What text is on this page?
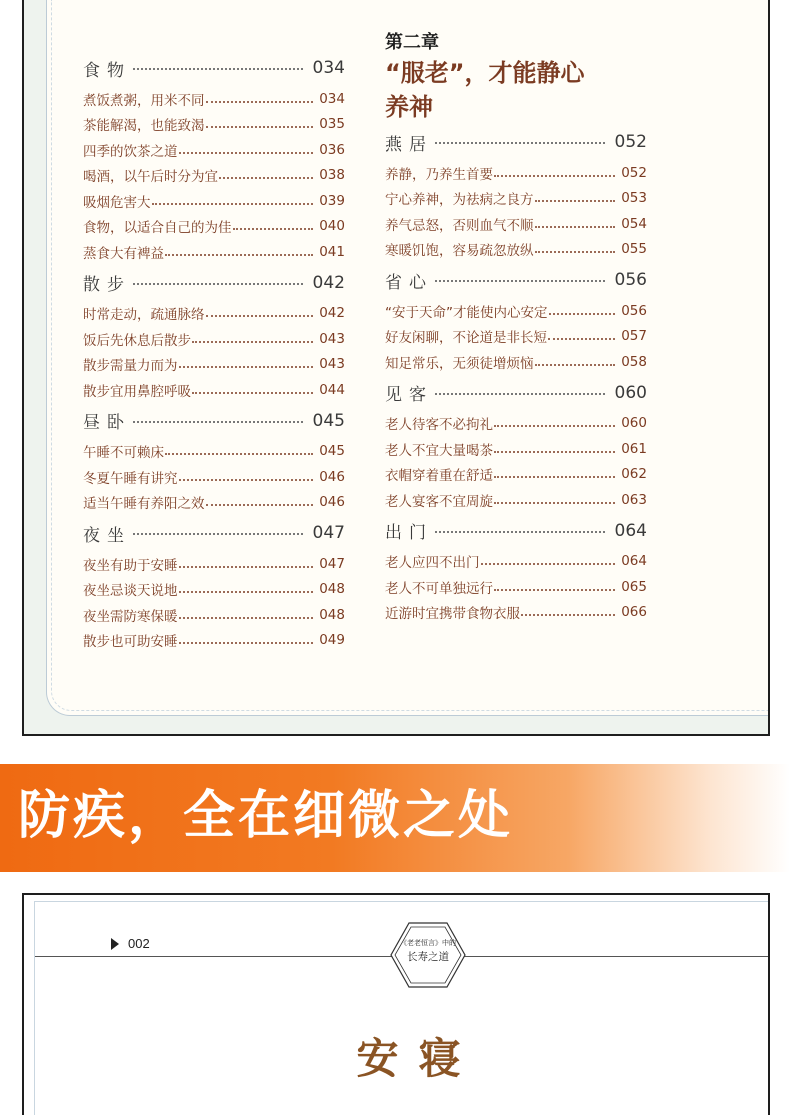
食物	034
煮饭煮粥，用米不同	034
茶能解渴，也能致渴	035
四季的饮茶之道	036
喝酒，以午后时分为宜	038
吸烟危害大	039
食物，以适合自己的为佳	040
蒸食大有裨益	041
散步	042
时常走动，疏通脉络	042
饭后先休息后散步	043
散步需量力而为	043
散步宜用鼻腔呼吸	044
昼卧	045
午睡不可赖床	045
冬夏午睡有讲究	046
适当午睡有养阳之效	046
夜坐	047
夜坐有助于安睡	047
夜坐忌谈天说地	048
夜坐需防寒保暖	048
散步也可助安睡	049
第二章
“服老”，才能静心
养神
燕居	052
养静，乃养生首要	052
宁心养神，为祛病之良方	053
养气忌怒，否则血气不顺	054
寒暖饥饱，容易疏忽放纵	055
省心	056
“安于天命”才能使内心安定	056
好友闲聊，不论道是非长短	057
知足常乐，无须徒增烦恼	058
见客	060
老人待客不必拘礼	060
老人不宜大量喝茶	061
衣帽穿着重在舒适	062
老人宴客不宜周旋	063
出门	064
老人应四不出门	064
老人不可单独远行	065
近游时宜携带食物衣服	066
防疾，全在细微之处
002	《老老恒言》中的
长寿之道
安寝
